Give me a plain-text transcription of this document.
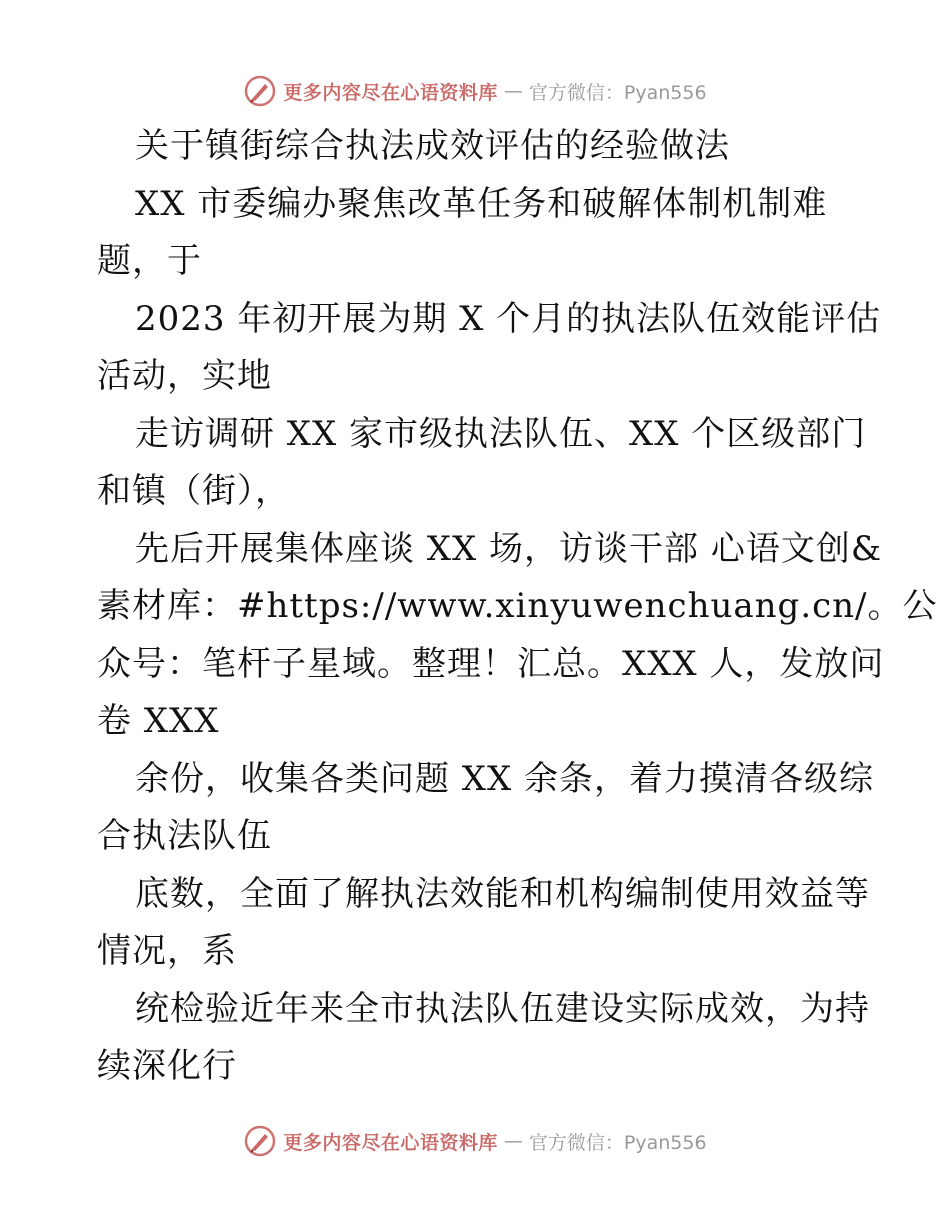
更多内容尽在心语资料库 — 官方微信：Pyan556
关于镇街综合执法成效评估的经验做法
XX 市委编办聚焦改革任务和破解体制机制难
题，于
2023 年初开展为期 X 个月的执法队伍效能评估
活动，实地
走访调研 XX 家市级执法队伍、XX 个区级部门
和镇（街），
先后开展集体座谈 XX 场，访谈干部 心语文创&
素材库：#https://www.xinyuwenchuang.cn/。公
众号：笔杆子星域。整理！汇总。XXX 人，发放问
卷 XXX
余份，收集各类问题 XX 余条，着力摸清各级综
合执法队伍
底数，全面了解执法效能和机构编制使用效益等
情况，系
统检验近年来全市执法队伍建设实际成效，为持
续深化行
更多内容尽在心语资料库 — 官方微信：Pyan556
